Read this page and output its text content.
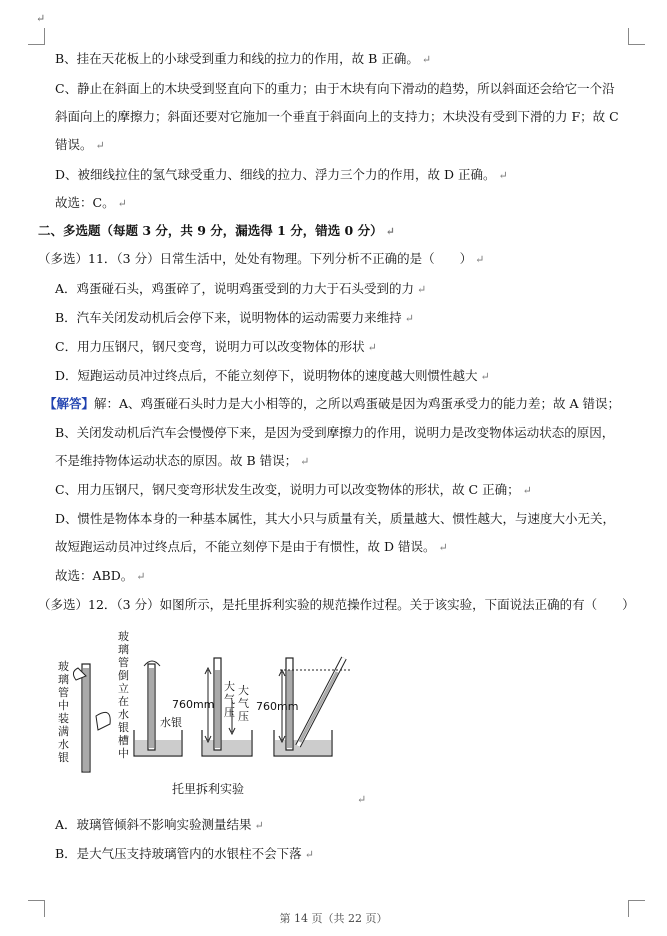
↵
B、挂在天花板上的小球受到重力和线的拉力的作用，故 B 正确。 ↵
C、静止在斜面上的木块受到竖直向下的重力；由于木块有向下滑动的趋势，所以斜面还会给它一个沿
斜面向上的摩擦力；斜面还要对它施加一个垂直于斜面向上的支持力；木块没有受到下滑的力 F；故 C
错误。 ↵
D、被细线拉住的氢气球受重力、细线的拉力、浮力三个力的作用，故 D 正确。 ↵
故选：C。 ↵
二、多选题（每题 3 分，共 9 分，漏选得 1 分，错选 0 分） ↵
（多选）11．（3 分）日常生活中，处处有物理。下列分析不正确的是（　　） ↵
A．鸡蛋碰石头，鸡蛋碎了，说明鸡蛋受到的力大于石头受到的力 ↵
B．汽车关闭发动机后会停下来，说明物体的运动需要力来维持 ↵
C．用力压钢尺，钢尺变弯，说明力可以改变物体的形状 ↵
D．短跑运动员冲过终点后，不能立刻停下，说明物体的速度越大则惯性越大 ↵
【解答】解：A、鸡蛋碰石头时力是大小相等的，之所以鸡蛋破是因为鸡蛋承受力的能力差；故 A 错误；
B、关闭发动机后汽车会慢慢停下来，是因为受到摩擦力的作用，说明力是改变物体运动状态的原因，
不是维持物体运动状态的原因。故 B 错误； ↵
C、用力压钢尺，钢尺变弯形状发生改变，说明力可以改变物体的形状，故 C 正确； ↵
D、惯性是物体本身的一种基本属性，其大小只与质量有关，质量越大、惯性越大，与速度大小无关，
故短跑运动员冲过终点后，不能立刻停下是由于有惯性，故 D 错误。 ↵
故选：ABD。 ↵
（多选）12．（3 分）如图所示，是托里拆利实验的规范操作过程。关于该实验，下面说法正确的有（　　）
玻 璃管中 装满水银
玻璃管 倒立在 水银槽中
水银
760mm
大气压
大气压
760mm
托里拆利实验
↵
A．玻璃管倾斜不影响实验测量结果 ↵
B．是大气压支持玻璃管内的水银柱不会下落 ↵
第 14 页（共 22 页）
